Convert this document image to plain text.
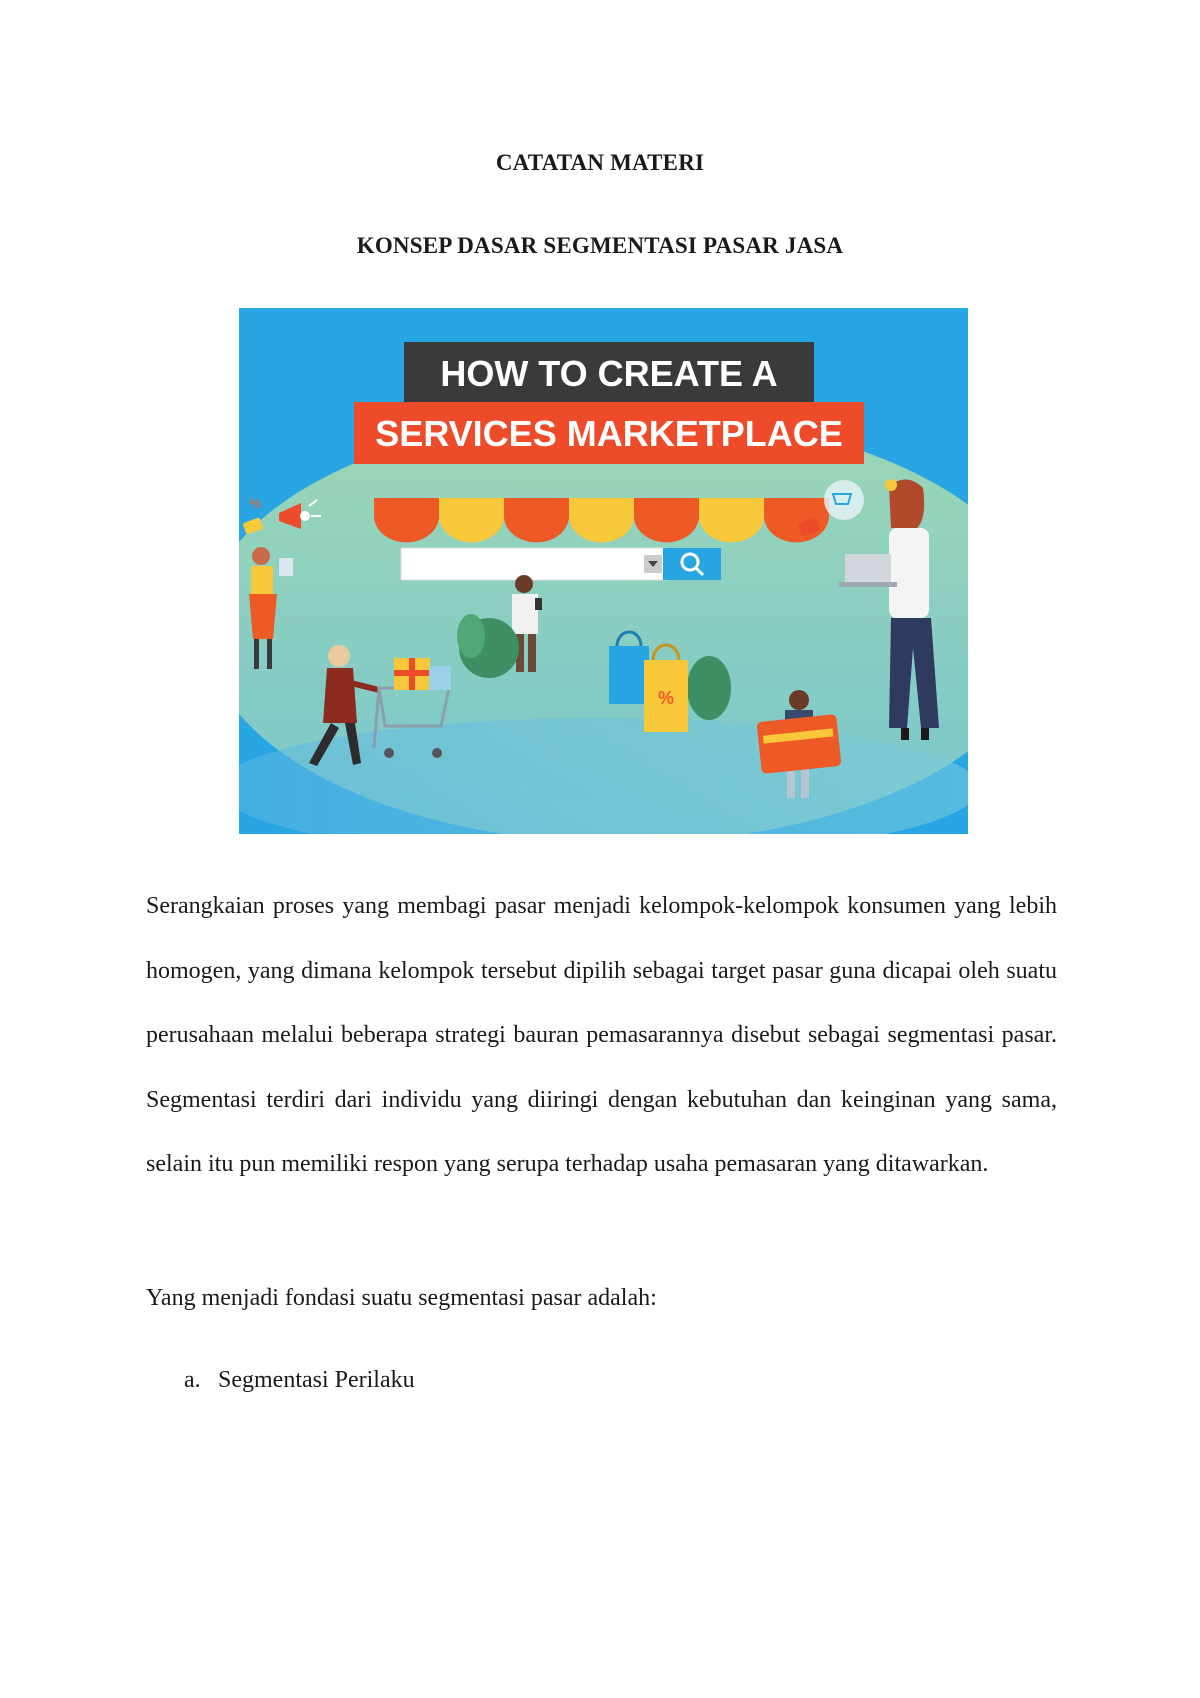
CATATAN MATERI
KONSEP DASAR SEGMENTASI PASAR JASA
HOW TO CREATE A
SERVICES MARKETPLACE
%
%

Serangkaian proses yang membagi pasar menjadi kelompok-kelompok konsumen yang lebih homogen, yang dimana kelompok tersebut dipilih sebagai target pasar guna dicapai oleh suatu perusahaan melalui beberapa strategi bauran pemasarannya disebut sebagai segmentasi pasar. Segmentasi terdiri dari individu yang diiringi dengan kebutuhan dan keinginan yang sama, selain itu pun memiliki respon yang serupa terhadap usaha pemasaran yang ditawarkan.

Yang menjadi fondasi suatu segmentasi pasar adalah:
a. Segmentasi Perilaku
